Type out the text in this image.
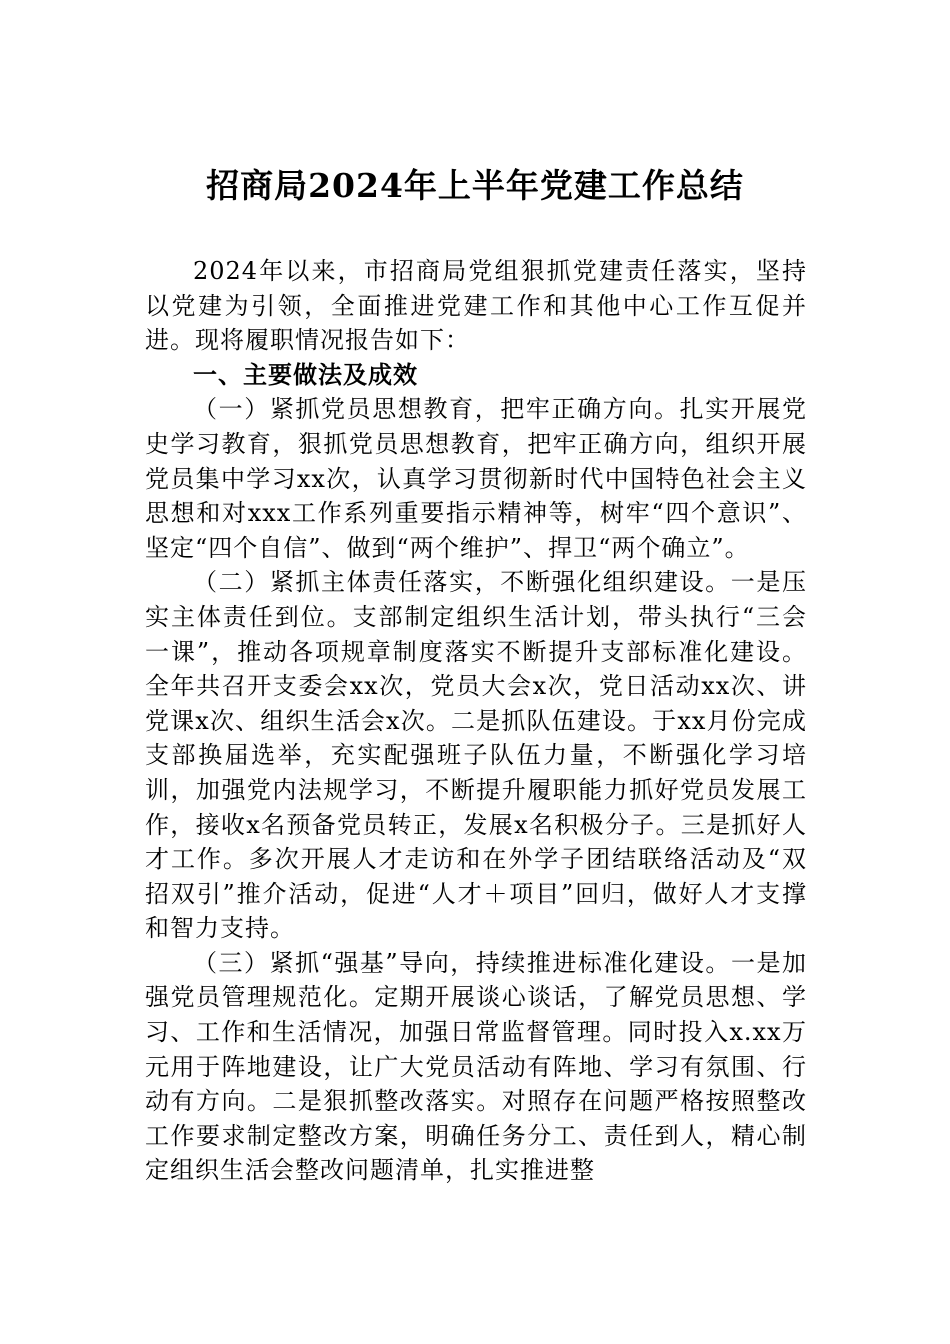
招商局2024年上半年党建工作总结

2024年以来，市招商局党组狠抓党建责任落实，坚持以党建为引领，全面推进党建工作和其他中心工作互促并进。现将履职情况报告如下：

一、主要做法及成效

（一）紧抓党员思想教育，把牢正确方向。扎实开展党史学习教育，狠抓党员思想教育，把牢正确方向，组织开展党员集中学习xx次，认真学习贯彻新时代中国特色社会主义思想和对xxx工作系列重要指示精神等，树牢“四个意识”、坚定“四个自信”、做到“两个维护”、捍卫“两个确立”。

（二）紧抓主体责任落实，不断强化组织建设。一是压实主体责任到位。支部制定组织生活计划，带头执行“三会一课”，推动各项规章制度落实不断提升支部标准化建设。全年共召开支委会xx次，党员大会x次，党日活动xx次、讲党课x次、组织生活会x次。二是抓队伍建设。于xx月份完成支部换届选举，充实配强班子队伍力量，不断强化学习培训，加强党内法规学习，不断提升履职能力抓好党员发展工作，接收x名预备党员转正，发展x名积极分子。三是抓好人才工作。多次开展人才走访和在外学子团结联络活动及“双招双引”推介活动，促进“人才＋项目”回归，做好人才支撑和智力支持。

（三）紧抓“强基”导向，持续推进标准化建设。一是加强党员管理规范化。定期开展谈心谈话，了解党员思想、学习、工作和生活情况，加强日常监督管理。同时投入x.xx万元用于阵地建设，让广大党员活动有阵地、学习有氛围、行动有方向。二是狠抓整改落实。对照存在问题严格按照整改工作要求制定整改方案，明确任务分工、责任到人，精心制定组织生活会整改问题清单，扎实推进整
